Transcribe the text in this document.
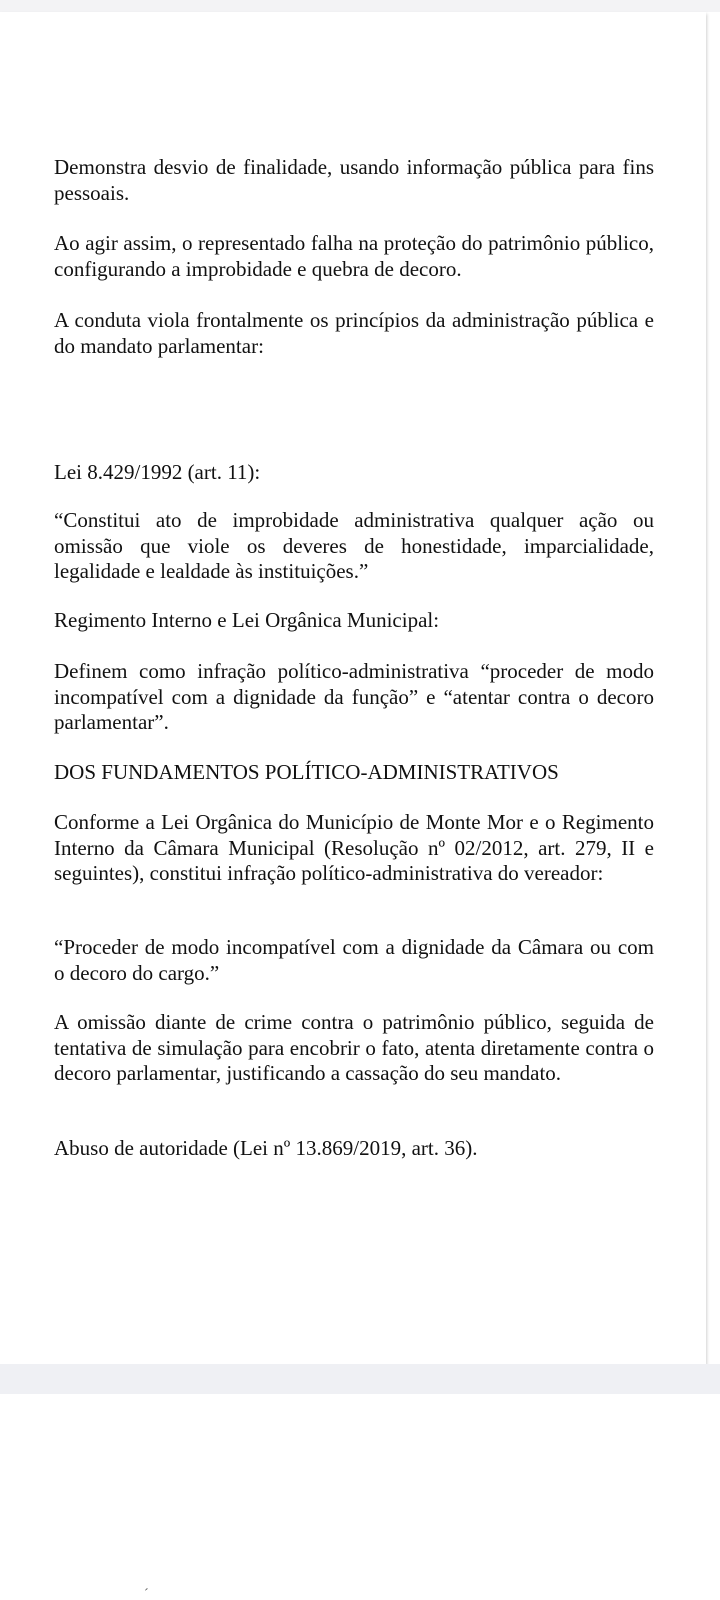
Demonstra desvio de finalidade, usando informação pública para fins pessoais.

Ao agir assim, o representado falha na proteção do patrimônio público, configurando a improbidade e quebra de decoro.

A conduta viola frontalmente os princípios da administração pública e do mandato parlamentar:

Lei 8.429/1992 (art. 11):

“Constitui ato de improbidade administrativa qualquer ação ou omissão que viole os deveres de honestidade, imparcialidade, legalidade e lealdade às instituições.”

Regimento Interno e Lei Orgânica Municipal:

Definem como infração político-administrativa “proceder de modo incompatível com a dignidade da função” e “atentar contra o decoro parlamentar”.

DOS FUNDAMENTOS POLÍTICO-ADMINISTRATIVOS

Conforme a Lei Orgânica do Município de Monte Mor e o Regimento Interno da Câmara Municipal (Resolução nº 02/2012, art. 279, II e seguintes), constitui infração político-administrativa do vereador:

“Proceder de modo incompatível com a dignidade da Câmara ou com o decoro do cargo.”

A omissão diante de crime contra o patrimônio público, seguida de tentativa de simulação para encobrir o fato, atenta diretamente contra o decoro parlamentar, justificando a cassação do seu mandato.

Abuso de autoridade (Lei nº 13.869/2019, art. 36).

´
